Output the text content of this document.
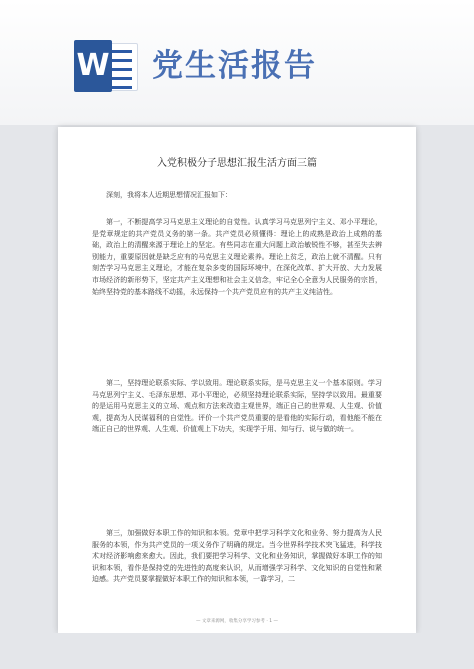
W 党生活报告
入党积极分子思想汇报生活方面三篇

深刻，我将本人近期思想情况汇报如下：

第一，不断提高学习马克思主义理论的自觉性。认真学习马克思列宁主义、邓小平理论，是党章规定的共产党员义务的第一条。共产党员必须懂得：理论上的成熟是政治上成熟的基础，政治上的清醒来源于理论上的坚定。有些同志在重大问题上政治敏锐性不够，甚至失去辨别能力，重要原因就是缺乏应有的马克思主义理论素养。理论上贫乏，政治上就不清醒。只有刻苦学习马克思主义理论，才能在复杂多变的国际环境中，在深化改革、扩大开放、大力发展市场经济的新形势下，坚定共产主义理想和社会主义信念，牢记全心全意为人民服务的宗旨，始终坚持党的基本路线不动摇，永远保持一个共产党员应有的共产主义纯洁性。

第二，坚持理论联系实际、学以致用。理论联系实际，是马克思主义一个基本原则。学习马克思列宁主义、毛泽东思想、邓小平理论，必须坚持理论联系实际，坚持学以致用。最重要的是运用马克思主义的立场、观点和方法来改造主观世界，端正自己的世界观、人生观、价值观，提高为人民谋福利的自觉性。评价一个共产党员重要的是看他的实际行动，看他能不能在端正自己的世界观、人生观、价值观上下功夫，实现学于用、知与行、说与做的统一。

第三，加强做好本职工作的知识和本领。党章中把学习科学文化和业务、努力提高为人民服务的本领，作为共产党员的一项义务作了明确的规定。当今世界科学技术突飞猛进，科学技术对经济影响愈来愈大。因此，我们要把学习科学、文化和业务知识，掌握做好本职工作的知识和本领，看作是保持党的先进性的高度来认识，从而增强学习科学、文化知识的自觉性和紧迫感。共产党员要掌握做好本职工作的知识和本领，一靠学习，二

— 文章来源网，收集分享学习参考 · 1 —
